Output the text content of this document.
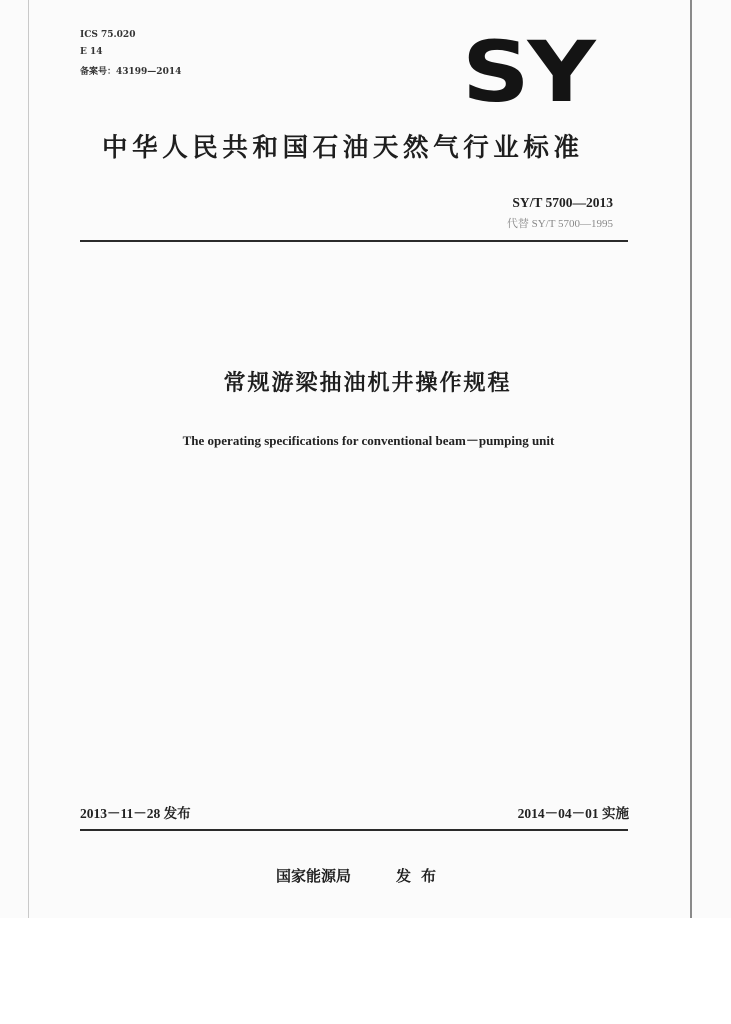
ICS 75.020
E 14
备案号：43199—2014	SY
中华人民共和国石油天然气行业标准
SY/T 5700—2013
代替 SY/T 5700—1995
常规游梁抽油机井操作规程
The operating specifications for conventional beam－pumping unit
2013－11－28 发布	2014－04－01 实施
国家能源局	发布
